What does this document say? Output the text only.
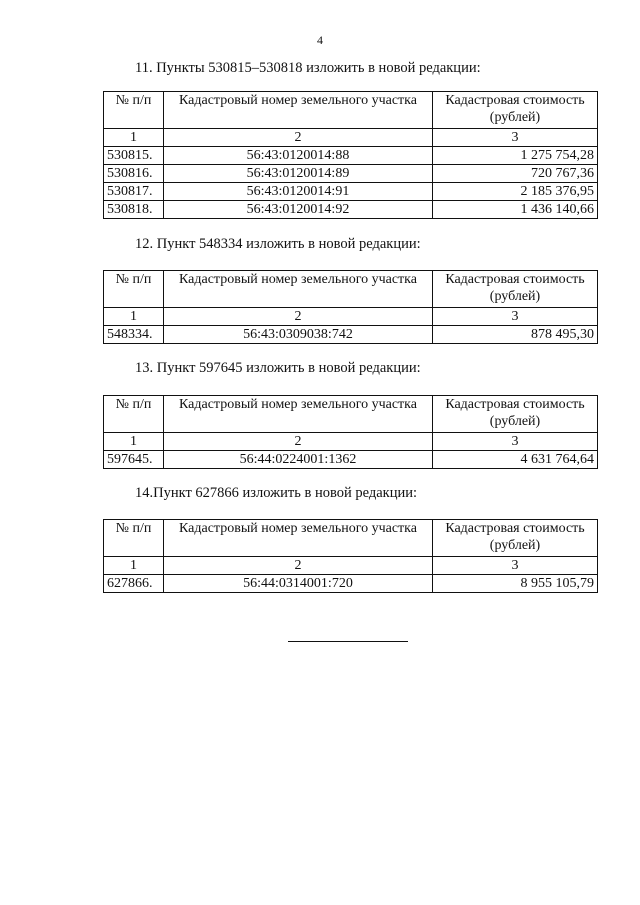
4
11. Пункты 530815–530818 изложить в новой редакции:
№ п/п	Кадастровый номер земельного участка	Кадастровая стоимость (рублей)
1	2	3
530815.	56:43:0120014:88	1 275 754,28
530816.	56:43:0120014:89	720 767,36
530817.	56:43:0120014:91	2 185 376,95
530818.	56:43:0120014:92	1 436 140,66
12. Пункт 548334 изложить в новой редакции:
№ п/п	Кадастровый номер земельного участка	Кадастровая стоимость (рублей)
1	2	3
548334.	56:43:0309038:742	878 495,30
13. Пункт 597645 изложить в новой редакции:
№ п/п	Кадастровый номер земельного участка	Кадастровая стоимость (рублей)
1	2	3
597645.	56:44:0224001:1362	4 631 764,64
14.Пункт 627866 изложить в новой редакции:
№ п/п	Кадастровый номер земельного участка	Кадастровая стоимость (рублей)
1	2	3
627866.	56:44:0314001:720	8 955 105,79
